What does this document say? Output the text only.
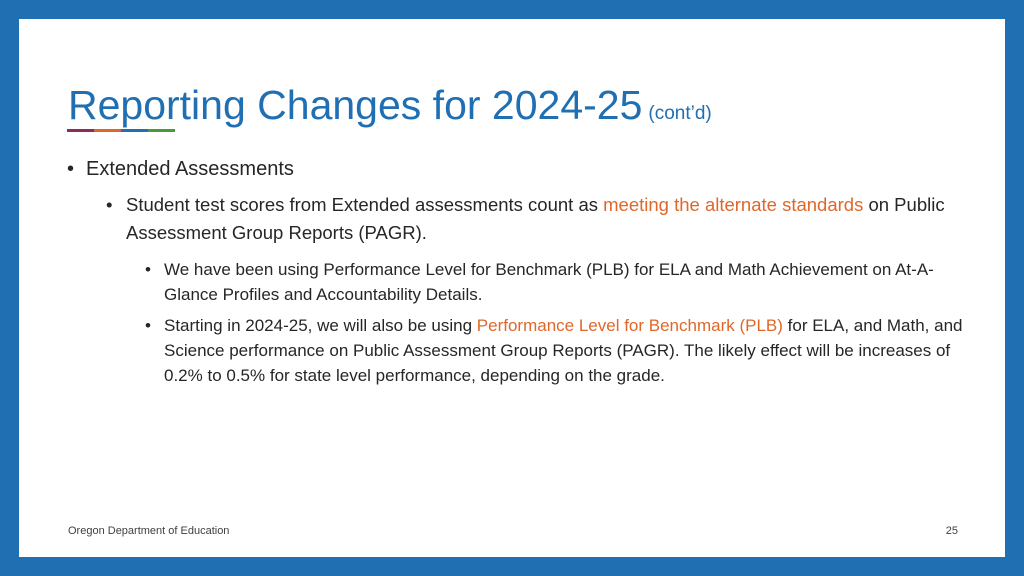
Reporting Changes for 2024-25 (cont’d)
• Extended Assessments
• Student test scores from Extended assessments count as meeting the alternate standards on Public Assessment Group Reports (PAGR).
• We have been using Performance Level for Benchmark (PLB) for ELA and Math Achievement on At-A-Glance Profiles and Accountability Details.
• Starting in 2024-25, we will also be using Performance Level for Benchmark (PLB) for ELA, and Math, and Science performance on Public Assessment Group Reports (PAGR). The likely effect will be increases of 0.2% to 0.5% for state level performance, depending on the grade.
Oregon Department of Education	25
